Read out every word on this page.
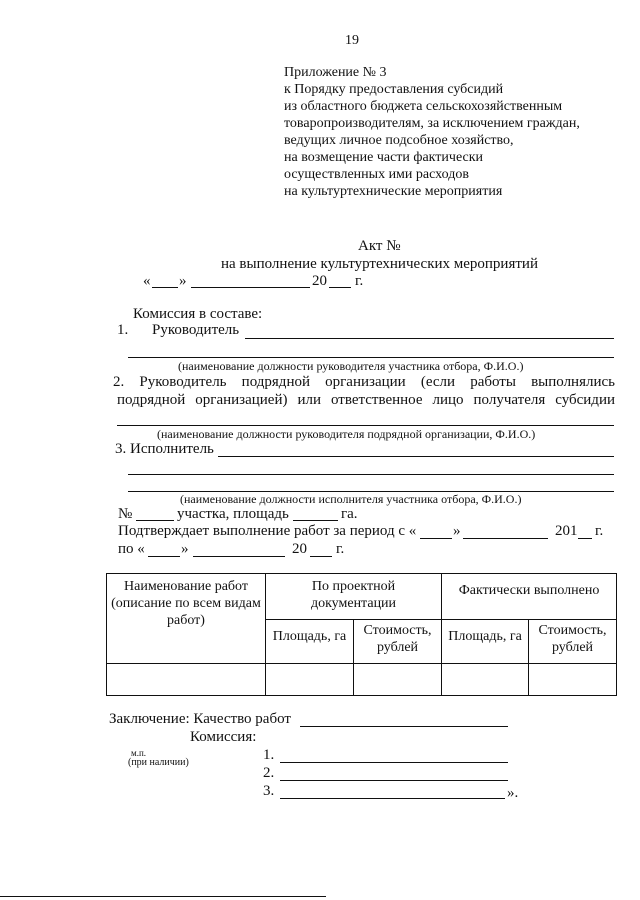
19
Приложение № 3
к Порядку предоставления субсидий
из областного бюджета сельскохозяйственным
товаропроизводителям, за исключением граждан,
ведущих личное подсобное хозяйство,
на возмещение части фактически
осуществленных ими расходов
на культуртехнические мероприятия
Акт №
на выполнение культуртехнических мероприятий
« »	20 г.
Комиссия в составе:
1. Руководитель
(наименование должности руководителя участника отбора, Ф.И.О.)
2. Руководитель подрядной организации (если работы выполнялись
подрядной организацией) или ответственное лицо получателя субсидии
(наименование должности руководителя подрядной организации, Ф.И.О.)
3. Исполнитель
(наименование должности исполнителя участника отбора, Ф.И.О.)
№	участка, площадь	га.
Подтверждает выполнение работ за период с « »	201 г.
по « »	20 г.
Наименование работ (описание по всем видам работ)	По проектной документации		Фактически выполнено	
	Площадь, га	Стоимость, рублей	Площадь, га	Стоимость, рублей

Заключение: Качество работ
Комиссия:
м.п.
(при наличии)	1.
2.
3.	».
